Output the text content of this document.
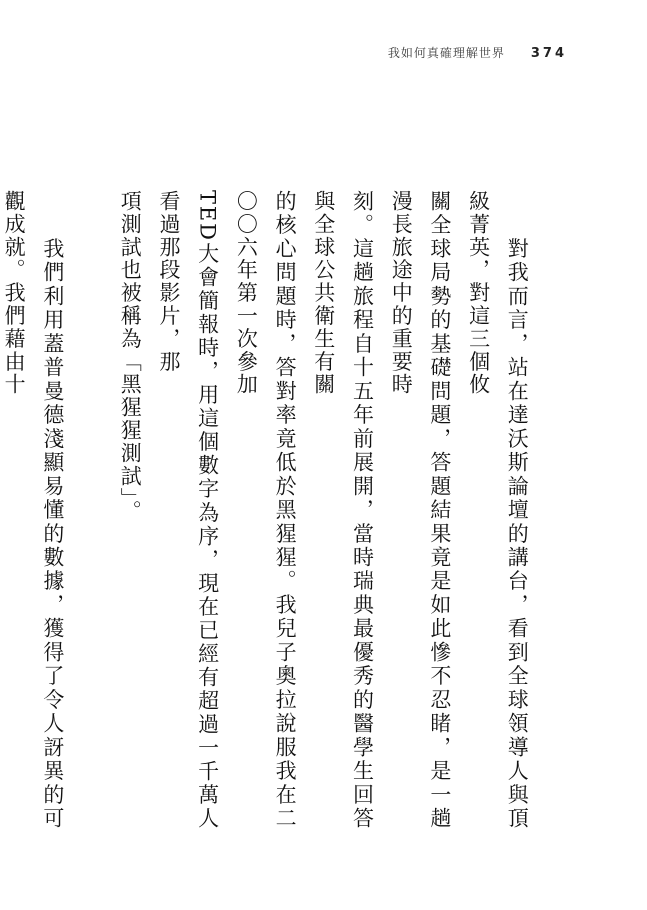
我如何真確理解世界 374

　　對我而言，站在達沃斯論壇的講台，看到全球領導人與頂級菁英，對這三個攸
關全球局勢的基礎問題，答題結果竟是如此慘不忍睹，是一趟漫長旅途中的重要時
刻。這趟旅程自十五年前展開，當時瑞典最優秀的醫學生回答與全球公共衛生有關
的核心問題時，答對率竟低於黑猩猩。我兒子奧拉說服我在二〇〇六年第一次參加
TED大會簡報時，用這個數字為序，現在已經有超過一千萬人看過那段影片，那
項測試也被稱為「黑猩猩測試」。

　　我們利用蓋普曼德淺顯易懂的數據，獲得了令人訝異的可觀成就。我們藉由十
